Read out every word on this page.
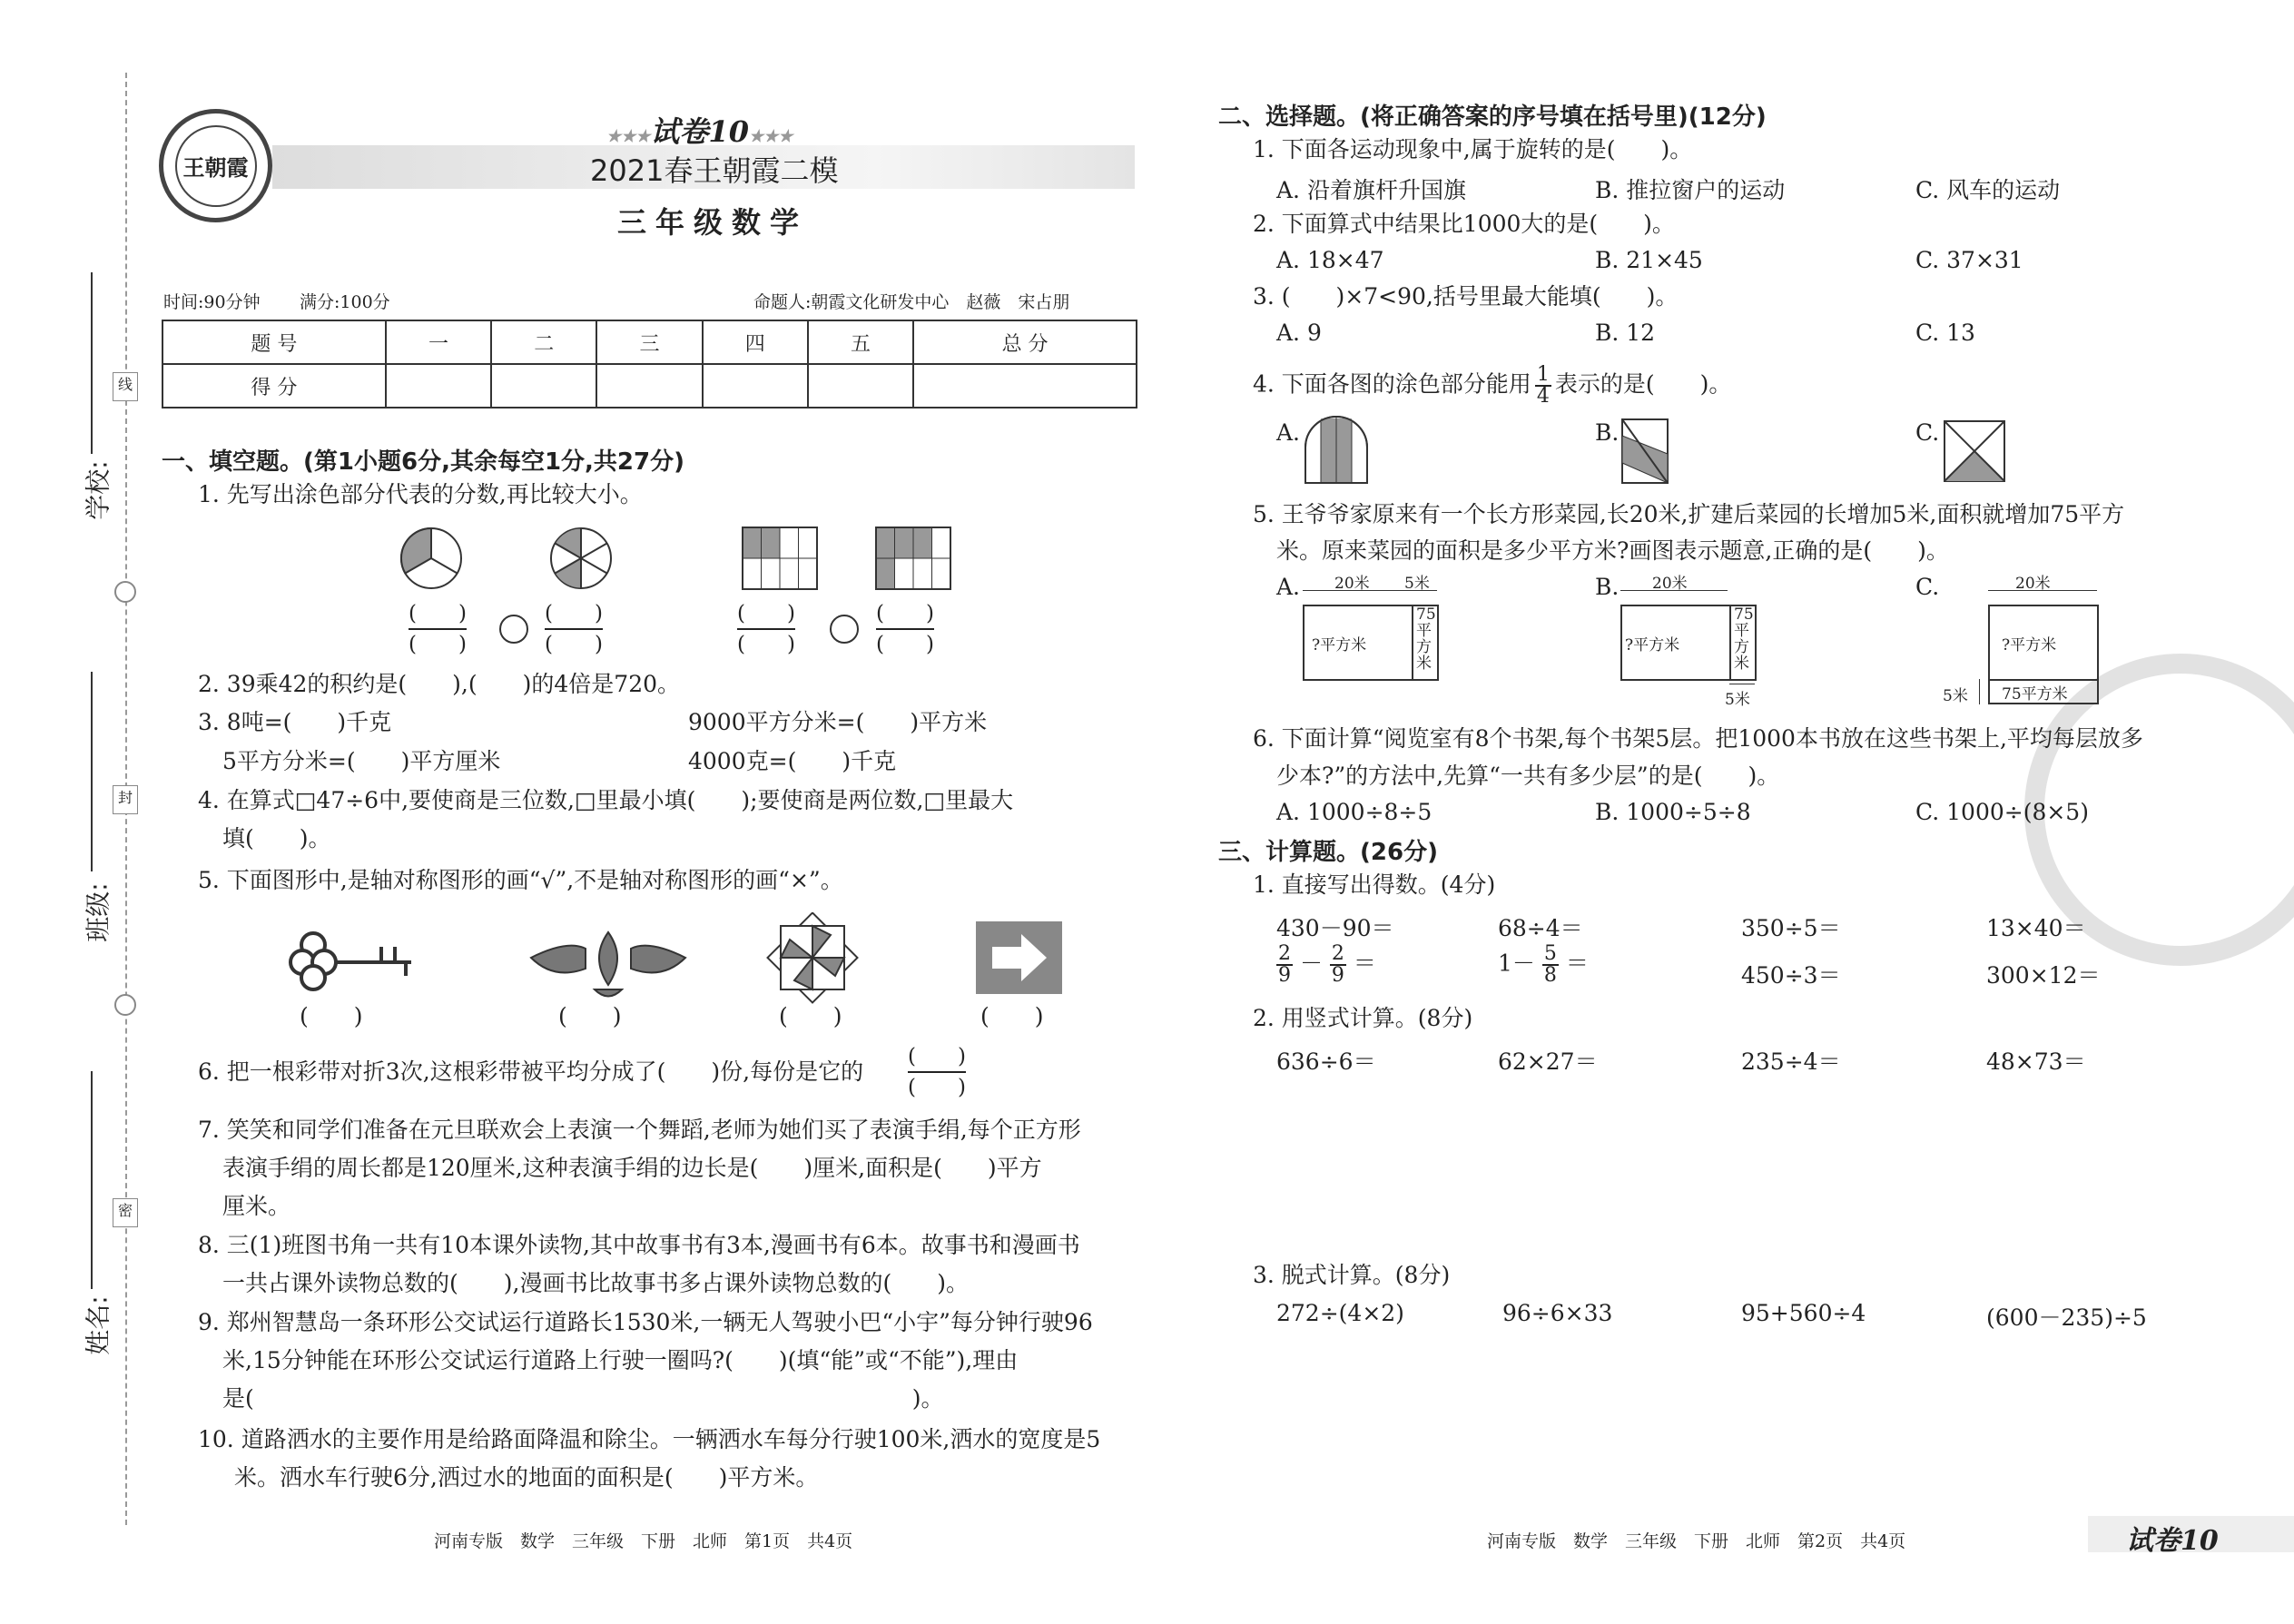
学校:
班级:
姓名:
线
封
密
王朝霞
★★★试卷10★★★
2021春王朝霞二模
三年级数学
时间:90分钟 满分:100分	命题人:朝霞文化研发中心　赵薇　宋占朋
题 号	一	二	三	四	五	总 分
得 分						
一、填空题。(第1小题6分,其余每空1分,共27分)
1. 先写出涂色部分代表的分数,再比较大小。
(　　)
(　　)
(　　)
(　　)
(　　)
(　　)
(　　)
(　　)
2. 39乘42的积约是(　　),(　　)的4倍是720。
3. 8吨=(　　)千克	9000平方分米=(　　)平方米
5平方分米=(　　)平方厘米	4000克=(　　)千克
4. 在算式□47÷6中,要使商是三位数,□里最小填(　　);要使商是两位数,□里最大
填(　　)。
5. 下面图形中,是轴对称图形的画“√”,不是轴对称图形的画“×”。
(　　)	(　　)	(　　)	(　　)
6. 把一根彩带对折3次,这根彩带被平均分成了(　　)份,每份是它的
(　　)
(　　)
7. 笑笑和同学们准备在元旦联欢会上表演一个舞蹈,老师为她们买了表演手绢,每个正方形
表演手绢的周长都是120厘米,这种表演手绢的边长是(　　)厘米,面积是(　　)平方
厘米。
8. 三(1)班图书角一共有10本课外读物,其中故事书有3本,漫画书有6本。故事书和漫画书
一共占课外读物总数的(　　),漫画书比故事书多占课外读物总数的(　　)。
9. 郑州智慧岛一条环形公交试运行道路长1530米,一辆无人驾驶小巴“小宇”每分钟行驶96
米,15分钟能在环形公交试运行道路上行驶一圈吗?(　　)(填“能”或“不能”),理由
是(　　　　　　　　　　　　　　　　　　　　　　　　　　　　　)。
10. 道路洒水的主要作用是给路面降温和除尘。一辆洒水车每分行驶100米,洒水的宽度是5
米。洒水车行驶6分,洒过水的地面的面积是(　　)平方米。
河南专版　数学　三年级　下册　北师　第1页　共4页
二、选择题。(将正确答案的序号填在括号里)(12分)
1. 下面各运动现象中,属于旋转的是(　　)。
A. 沿着旗杆升国旗	B. 推拉窗户的运动	C. 风车的运动
2. 下面算式中结果比1000大的是(　　)。
A. 18×47	B. 21×45	C. 37×31
3. (　　)×7<90,括号里最大能填(　　)。
A. 9	B. 12	C. 13
4. 下面各图的涂色部分能用 $\frac{1}{4}$ 表示的是(　　)。
A.	B.	C.
5. 王爷爷家原来有一个长方形菜园,长20米,扩建后菜园的长增加5米,面积就增加75平方
米。原来菜园的面积是多少平方米?画图表示题意,正确的是(　　)。
A.	B.	C.
20米 5米
?平方米
75
平
方
米
20米
?平方米
75
平
方
米
5米
20米
?平方米
75平方米
5米
6. 下面计算“阅览室有8个书架,每个书架5层。把1000本书放在这些书架上,平均每层放多
少本?”的方法中,先算“一共有多少层”的是(　　)。
A. 1000÷8÷5	B. 1000÷5÷8	C. 1000÷(8×5)
三、计算题。(26分)
1. 直接写出得数。(4分)
430－90＝	68÷4＝	350÷5＝	13×40＝
$\frac{2}{9} - \frac{2}{9}$ ＝	$1- \frac{5}{8}$ ＝	450÷3＝	300×12＝
2. 用竖式计算。(8分)
636÷6＝	62×27＝	235÷4＝	48×73＝
3. 脱式计算。(8分)
272÷(4×2)	96÷6×33	95+560÷4	(600－235)÷5
河南专版　数学　三年级　下册　北师　第2页　共4页	试卷10
